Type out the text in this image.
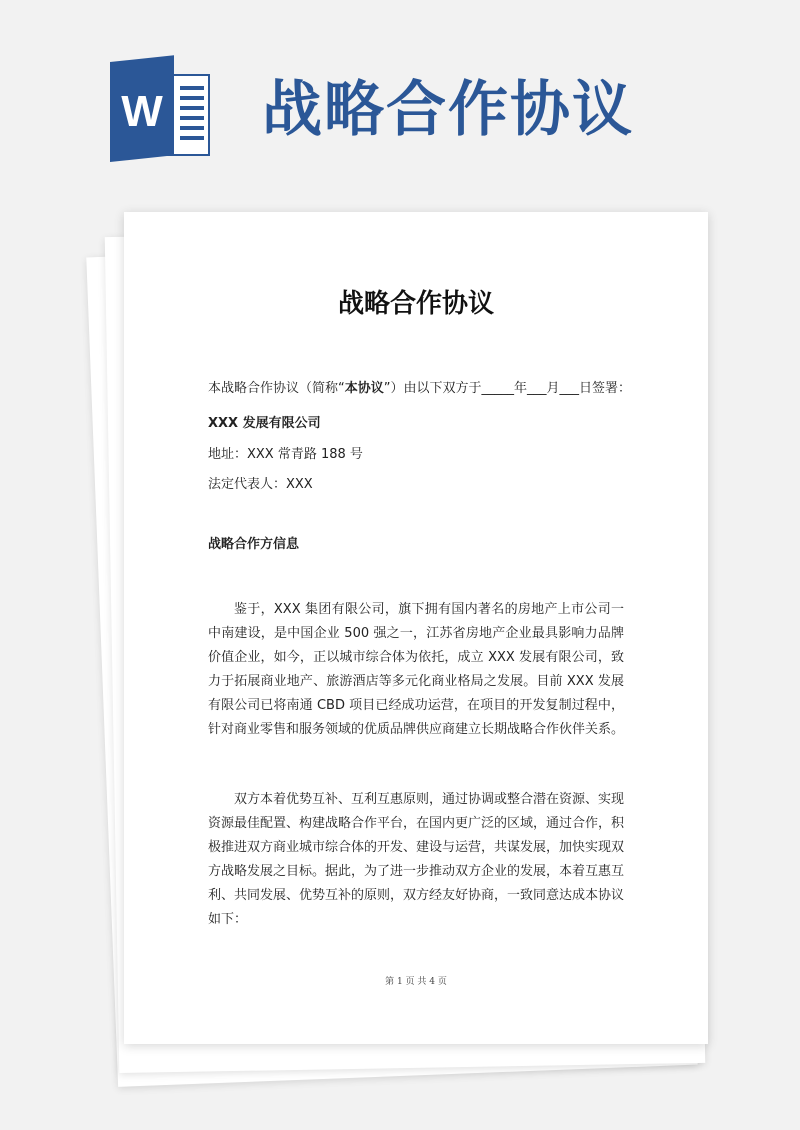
W 战略合作协议
战略合作协议
本战略合作协议（简称“本协议”）由以下双方于_____年___月___日签署：
XXX 发展有限公司
地址：XXX 常青路 188 号
法定代表人：XXX
战略合作方信息
鉴于，XXX 集团有限公司，旗下拥有国内著名的房地产上市公司一中南建设，是中国企业 500 强之一，江苏省房地产企业最具影响力品牌价值企业，如今，正以城市综合体为依托，成立 XXX 发展有限公司，致力于拓展商业地产、旅游酒店等多元化商业格局之发展。目前 XXX 发展有限公司已将南通 CBD 项目已经成功运营，在项目的开发复制过程中，针对商业零售和服务领域的优质品牌供应商建立长期战略合作伙伴关系。
双方本着优势互补、互利互惠原则，通过协调或整合潜在资源、实现资源最佳配置、构建战略合作平台，在国内更广泛的区域，通过合作，积极推进双方商业城市综合体的开发、建设与运营，共谋发展，加快实现双方战略发展之目标。据此，为了进一步推动双方企业的发展，本着互惠互利、共同发展、优势互补的原则，双方经友好协商，一致同意达成本协议如下：
第 1 页 共 4 页
